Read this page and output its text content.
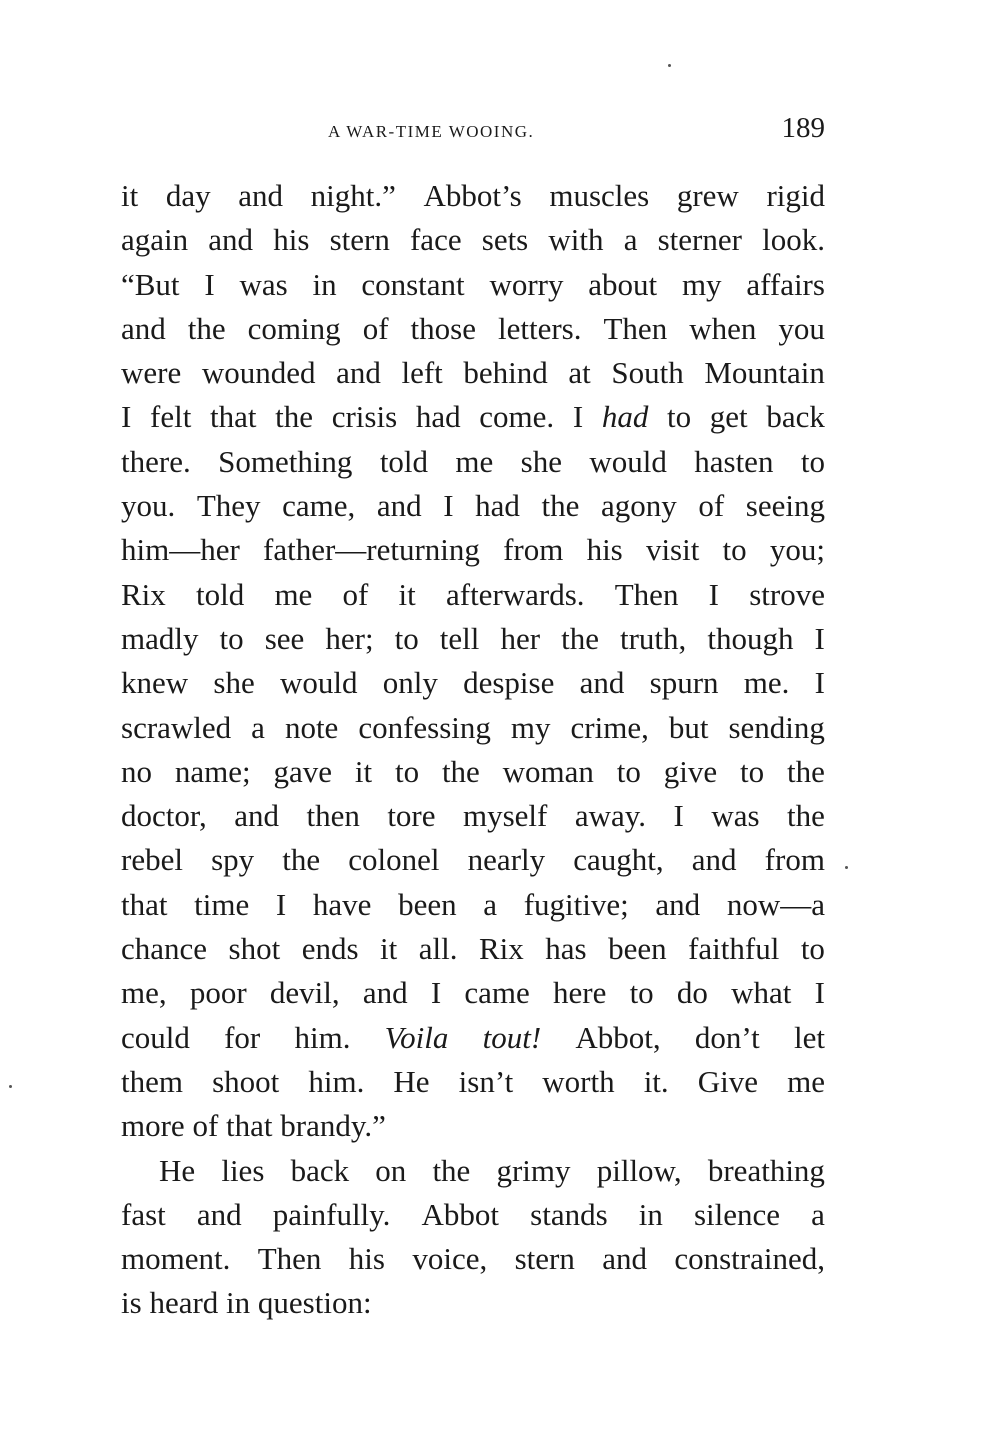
A WAR-TIME WOOING.	189
it day and night.” Abbot’s muscles grew rigid
again and his stern face sets with a sterner look.
“But I was in constant worry about my affairs
and the coming of those letters. Then when you
were wounded and left behind at South Mountain
I felt that the crisis had come. I had to get back
there. Something told me she would hasten to
you. They came, and I had the agony of seeing
him—her father—returning from his visit to you;
Rix told me of it afterwards. Then I strove
madly to see her; to tell her the truth, though I
knew she would only despise and spurn me. I
scrawled a note confessing my crime, but sending
no name; gave it to the woman to give to the
doctor, and then tore myself away. I was the
rebel spy the colonel nearly caught, and from
that time I have been a fugitive; and now—a
chance shot ends it all. Rix has been faithful to
me, poor devil, and I came here to do what I
could for him. Voila tout! Abbot, don’t let
them shoot him. He isn’t worth it. Give me
more of that brandy.”
He lies back on the grimy pillow, breathing
fast and painfully. Abbot stands in silence a
moment. Then his voice, stern and constrained,
is heard in question:
